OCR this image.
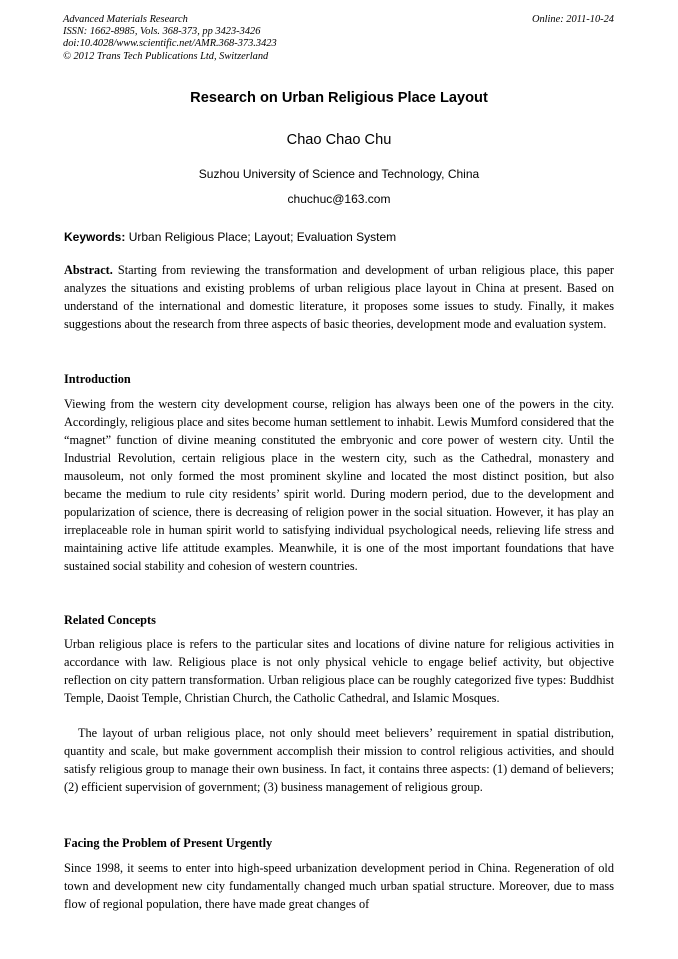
Advanced Materials Research
ISSN: 1662-8985, Vols. 368-373, pp 3423-3426
doi:10.4028/www.scientific.net/AMR.368-373.3423
© 2012 Trans Tech Publications Ltd, Switzerland
Online: 2011-10-24
Research on Urban Religious Place Layout
Chao Chao Chu
Suzhou University of Science and Technology, China
chuchuc@163.com
Keywords: Urban Religious Place; Layout; Evaluation System

Abstract. Starting from reviewing the transformation and development of urban religious place, this paper analyzes the situations and existing problems of urban religious place layout in China at present. Based on understand of the international and domestic literature, it proposes some issues to study. Finally, it makes suggestions about the research from three aspects of basic theories, development mode and evaluation system.

Introduction

Viewing from the western city development course, religion has always been one of the powers in the city. Accordingly, religious place and sites become human settlement to inhabit. Lewis Mumford considered that the “magnet” function of divine meaning constituted the embryonic and core power of western city. Until the Industrial Revolution, certain religious place in the western city, such as the Cathedral, monastery and mausoleum, not only formed the most prominent skyline and located the most distinct position, but also became the medium to rule city residents’ spirit world. During modern period, due to the development and popularization of science, there is decreasing of religion power in the social situation. However, it has play an irreplaceable role in human spirit world to satisfying individual psychological needs, relieving life stress and maintaining active life attitude examples. Meanwhile, it is one of the most important foundations that have sustained social stability and cohesion of western countries.

Related Concepts

Urban religious place is refers to the particular sites and locations of divine nature for religious activities in accordance with law. Religious place is not only physical vehicle to engage belief activity, but objective reflection on city pattern transformation. Urban religious place can be roughly categorized five types: Buddhist Temple, Daoist Temple, Christian Church, the Catholic Cathedral, and Islamic Mosques.

The layout of urban religious place, not only should meet believers’ requirement in spatial distribution, quantity and scale, but make government accomplish their mission to control religious activities, and should satisfy religious group to manage their own business. In fact, it contains three aspects: (1) demand of believers; (2) efficient supervision of government; (3) business management of religious group.

Facing the Problem of Present Urgently

Since 1998, it seems to enter into high-speed urbanization development period in China. Regeneration of old town and development new city fundamentally changed much urban spatial structure. Moreover, due to mass flow of regional population, there have made great changes of
